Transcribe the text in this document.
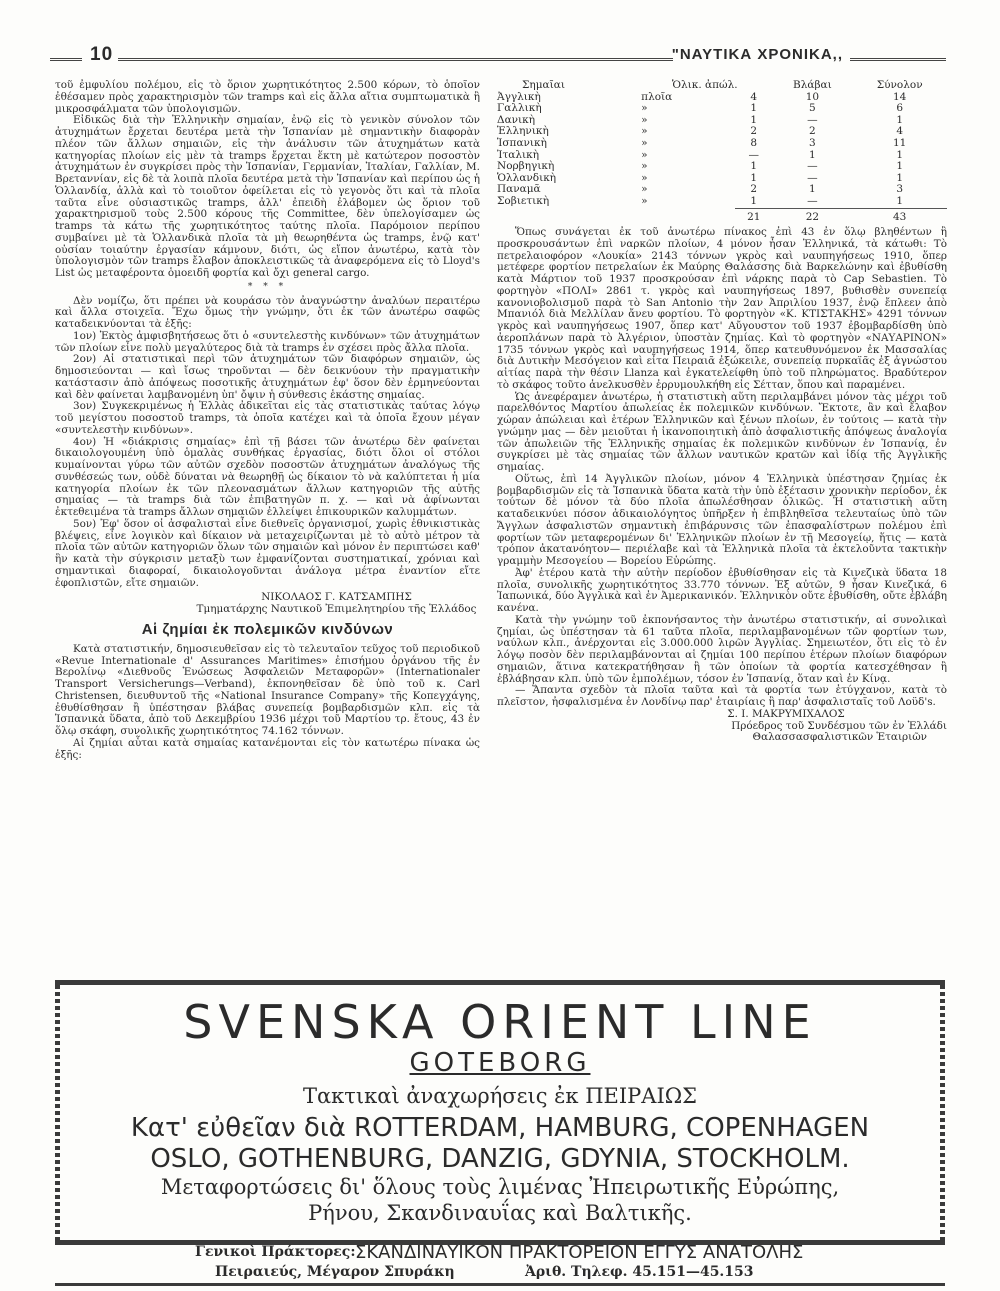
10	"ΝΑΥΤΙΚΑ ΧΡΟΝΙΚΑ,,

τοῦ ἐμφυλίου πολέμου, εἰς τὸ ὅριον χωρητικότητος 2.500 κόρων, τὸ ὁποῖον ἐθέσαμεν πρὸς χαρακτηρισμὸν τῶν tramps καὶ εἰς ἄλλα αἴτια συμπτωματικὰ ἢ μικροσφάλματα τῶν ὑπολογισμῶν.

Εἰδικῶς διὰ τὴν Ἑλληνικὴν σημαίαν, ἐνῷ εἰς τὸ γενικὸν σύνολον τῶν ἀτυχημάτων ἔρχεται δευτέρα μετὰ τὴν Ἱσπανίαν μὲ σημαντικὴν διαφορὰν πλέον τῶν ἄλλων σημαιῶν, εἰς τὴν ἀνάλυσιν τῶν ἀτυχημάτων κατὰ κατηγορίας πλοίων εἰς μὲν τὰ tramps ἔρχεται ἕκτη μὲ κατώτερον ποσοστὸν ἀτυχημάτων ἐν συγκρίσει πρὸς τὴν Ἱσπανίαν, Γερμανίαν, Ἰταλίαν, Γαλλίαν, Μ. Βρεταννίαν, εἰς δὲ τὰ λοιπὰ πλοῖα δευτέρα μετὰ τὴν Ἱσπανίαν καὶ περίπου ὡς ἡ Ὁλλανδία, ἀλλὰ καὶ τὸ τοιοῦτον ὀφείλεται εἰς τὸ γεγονὸς ὅτι καὶ τὰ πλοῖα ταῦτα εἶνε οὐσιαστικῶς tramps, ἀλλ' ἐπειδὴ ἐλάβομεν ὡς ὅριον τοῦ χαρακτηρισμοῦ τοὺς 2.500 κόρους τῆς Committee, δὲν ὑπελογίσαμεν ὡς tramps τὰ κάτω τῆς χωρητικότητος ταύτης πλοῖα. Παρόμοιον περίπου συμβαίνει μὲ τὰ Ὁλλανδικὰ πλοῖα τὰ μὴ θεωρηθέντα ὡς tramps, ἐνῷ κατ' οὐσίαν τοιαύτην ἐργασίαν κάμνουν, διότι, ὡς εἴπον ἀνωτέρω, κατὰ τὸν ὑπολογισμὸν τῶν tramps ἔλαβον ἀποκλειστικῶς τὰ ἀναφερόμενα εἰς τὸ Lloyd's List ὡς μεταφέροντα ὁμοειδῆ φορτία καὶ ὄχι general cargo.

* * *

Δὲν νομίζω, ὅτι πρέπει νὰ κουράσω τὸν ἀναγνώστην ἀναλύων περαιτέρω καὶ ἄλλα στοιχεῖα. Ἔχω ὅμως τὴν γνώμην, ὅτι ἐκ τῶν ἀνωτέρω σαφῶς καταδεικνύονται τὰ ἑξῆς:

1ον) Ἐκτὸς ἀμφισβητήσεως ὅτι ὁ «συντελεστὴς κινδύνων» τῶν ἀτυχημάτων τῶν πλοίων εἶνε πολὺ μεγαλύτερος διὰ τὰ tramps ἐν σχέσει πρὸς ἄλλα πλοῖα.

2ον) Αἱ στατιστικαὶ περὶ τῶν ἀτυχημάτων τῶν διαφόρων σημαιῶν, ὡς δημοσιεύονται — καὶ ἴσως τηροῦνται — δὲν δεικνύουν τὴν πραγματικὴν κατάστασιν ἀπὸ ἀπόψεως ποσοτικῆς ἀτυχημάτων ἐφ' ὅσον δὲν ἑρμηνεύονται καὶ δὲν φαίνεται λαμβανομένη ὑπ' ὄψιν ἡ σύνθεσις ἑκάστης σημαίας.

3ον) Συγκεκριμένως ἡ Ἑλλὰς ἀδικεῖται εἰς τὰς στατιστικὰς ταύτας λόγῳ τοῦ μεγίστου ποσοστοῦ tramps, τὰ ὁποῖα κατέχει καὶ τὰ ὁποῖα ἔχουν μέγαν «συντελεστὴν κινδύνων».

4ον) Ἡ «διάκρισις σημαίας» ἐπὶ τῇ βάσει τῶν ἀνωτέρω δὲν φαίνεται δικαιολογουμένη ὑπὸ ὁμαλὰς συνθήκας ἐργασίας, διότι ὅλοι οἱ στόλοι κυμαίνονται γύρω τῶν αὐτῶν σχεδὸν ποσοστῶν ἀτυχημάτων ἀναλόγως τῆς συνθέσεώς των, οὐδὲ δύναται νὰ θεωρηθῇ ὡς δίκαιον τὸ νὰ καλύπτεται ἡ μία κατηγορία πλοίων ἐκ τῶν πλεονασμάτων ἄλλων κατηγοριῶν τῆς αὐτῆς σημαίας — τὰ tramps διὰ τῶν ἐπιβατηγῶν π. χ. — καὶ νὰ ἀφίνωνται ἐκτεθειμένα τὰ tramps ἄλλων σημαιῶν ἐλλείψει ἐπικουρικῶν καλυμμάτων.

5ον) Ἐφ' ὅσον οἱ ἀσφαλισταὶ εἶνε διεθνεῖς ὀργανισμοί, χωρὶς ἐθνικιστικὰς βλέψεις, εἶνε λογικὸν καὶ δίκαιον νὰ μεταχειρίζωνται μὲ τὸ αὐτὸ μέτρον τὰ πλοῖα τῶν αὐτῶν κατηγοριῶν ὅλων τῶν σημαιῶν καὶ μόνον ἐν περιπτώσει καθ' ἣν κατὰ τὴν σύγκρισιν μεταξὺ των ἐμφανίζονται συστηματικαί, χρόνιαι καὶ σημαντικαὶ διαφοραί, δικαιολογοῦνται ἀνάλογα μέτρα ἐναντίον εἴτε ἐφοπλιστῶν, εἴτε σημαιῶν.

ΝΙΚΟΛΑΟΣ Γ. ΚΑΤΣΑΜΠΗΣ

Τμηματάρχης Ναυτικοῦ Ἐπιμελητηρίου τῆς Ἑλλάδος

Αἱ ζημίαι ἐκ πολεμικῶν κινδύνων

Κατὰ στατιστικήν, δημοσιευθεῖσαν εἰς τὸ τελευταῖον τεῦχος τοῦ περιοδικοῦ «Revue Internationale d' Assurances Maritimes» ἐπισήμου ὀργάνου τῆς ἐν Βερολίνῳ «Διεθνοῦς Ἑνώσεως Ἀσφαλειῶν Μεταφορῶν» (Internationaler Transport Versicherungs—Verband), ἐκπονηθεῖσαν δὲ ὑπὸ τοῦ κ. Carl Christensen, διευθυντοῦ τῆς «National Insurance Company» τῆς Κοπεγχάγης, ἐθυθίσθησαν ἢ ὑπέστησαν βλάβας συνεπείᾳ βομβαρδισμῶν κλπ. εἰς τὰ Ἱσπανικὰ ὕδατα, ἀπὸ τοῦ Δεκεμβρίου 1936 μέχρι τοῦ Μαρτίου τρ. ἔτους, 43 ἐν ὅλῳ σκάφη, συνολικῆς χωρητικότητος 74.162 τόννων.

Αἱ ζημίαι αὗται κατὰ σημαίας κατανέμονται εἰς τὸν κατωτέρω πίνακα ὡς ἑξῆς:

Σημαῖαι	Ὁλικ. ἀπώλ.		Βλάβαι	Σύνολον
Ἀγγλικὴ	πλοῖα	4	10	14
Γαλλικὴ	»	1	5	6
Δανικὴ	»	1	—	1
Ἑλληνικὴ	»	2	2	4
Ἱσπανικὴ	»	8	3	11
Ἰταλικὴ	»	—	1	1
Νορβηγικὴ	»	1	—	1
Ὁλλανδικὴ	»	1	—	1
Παναμᾶ	»	2	1	3
Σοβιετικὴ	»	1	—	1
		21	22	43

Ὅπως συνάγεται ἐκ τοῦ ἀνωτέρω πίνακος ἐπὶ 43 ἐν ὅλῳ βληθέντων ἢ προσκρουσάντων ἐπὶ ναρκῶν πλοίων, 4 μόνον ἦσαν Ἑλληνικά, τὰ κάτωθι: Τὸ πετρελαιοφόρον «Λουκία» 2143 τόννων γκρὸς καὶ ναυπηγήσεως 1910, ὅπερ μετέφερε φορτίον πετρελαίων ἐκ Μαύρης Θαλάσσης διὰ Βαρκελώνην καὶ ἐβυθίσθη κατὰ Μάρτιον τοῦ 1937 προσκρούσαν ἐπὶ νάρκης παρὰ τὸ Cap Sebastien. Τὸ φορτηγὸν «ΠΟΛΙ» 2861 τ. γκρὸς καὶ ναυπηγήσεως 1897, βυθισθὲν συνεπείᾳ κανονιοβολισμοῦ παρὰ τὸ San Antonio τὴν 2αν Ἀπριλίου 1937, ἐνῷ ἔπλεεν ἀπὸ Μπανιόλ διὰ Μελλίλαν ἄνευ φορτίου. Τὸ φορτηγὸν «Κ. ΚΤΙΣΤΑΚΗΣ» 4291 τόννων γκρὸς καὶ ναυπηγήσεως 1907, ὅπερ κατ' Αὔγουστον τοῦ 1937 ἐβομβαρδίσθη ὑπὸ ἀεροπλάνων παρὰ τὸ Ἀλγέριον, ὑποστὰν ζημίας. Καὶ τὸ φορτηγὸν «ΝΑΥΑΡΙΝΟΝ» 1735 τόννων γκρὸς καὶ ναυπηγήσεως 1914, ὅπερ κατευθυνόμενον ἐκ Μασσαλίας διὰ Δυτικὴν Μεσόγειον καὶ εἶτα Πειραιᾶ ἐξώκειλε, συνεπείᾳ πυρκαϊᾶς ἐξ ἀγνώστου αἰτίας παρὰ τὴν θέσιν Llanza καὶ ἐγκατελείφθη ὑπὸ τοῦ πληρώματος. Βραδύτερον τὸ σκάφος τοῦτο ἀνελκυσθὲν ἐρρυμουλκήθη εἰς Σέτταν, ὅπου καὶ παραμένει.

Ὡς ἀνεφέραμεν ἀνωτέρω, ἡ στατιστικὴ αὕτη περιλαμβάνει μόνον τὰς μέχρι τοῦ παρελθόντος Μαρτίου ἀπωλείας ἐκ πολεμικῶν κινδύνων. Ἔκτοτε, ἂν καὶ ἔλαβον χώραν ἀπώλειαι καὶ ἑτέρων Ἑλληνικῶν καὶ ξένων πλοίων, ἐν τούτοις — κατὰ τὴν γνώμην μας — δὲν μειοῦται ἡ ἱκανοποιητικὴ ἀπὸ ἀσφαλιστικῆς ἀπόψεως ἀναλογία τῶν ἀπωλειῶν τῆς Ἑλληνικῆς σημαίας ἐκ πολεμικῶν κινδύνων ἐν Ἱσπανίᾳ, ἐν συγκρίσει μὲ τὰς σημαίας τῶν ἄλλων ναυτικῶν κρατῶν καὶ ἰδίᾳ τῆς Ἀγγλικῆς σημαίας.

Οὕτως, ἐπὶ 14 Ἀγγλικῶν πλοίων, μόνον 4 Ἑλληνικὰ ὑπέστησαν ζημίας ἐκ βομβαρδισμῶν εἰς τὰ Ἱσπανικὰ ὕδατα κατὰ τὴν ὑπὸ ἐξέτασιν χρονικὴν περίοδον, ἐκ τούτων δὲ μόνον τὰ δύο πλοῖα ἀπωλέσθησαν ὁλικῶς. Ἡ στατιστικὴ αὕτη καταδεικνύει πόσον ἀδικαιολόγητος ὑπῆρξεν ἡ ἐπιβληθεῖσα τελευταίως ὑπὸ τῶν Ἄγγλων ἀσφαλιστῶν σημαντικὴ ἐπιβάρυνσις τῶν ἐπασφαλίστρων πολέμου ἐπὶ φορτίων τῶν μεταφερομένων δι' Ἑλληνικῶν πλοίων ἐν τῇ Μεσογείῳ, ἥτις — κατὰ τρόπον ἀκατανόητον— περιέλαβε καὶ τὰ Ἑλληνικὰ πλοῖα τὰ ἐκτελοῦντα τακτικὴν γραμμὴν Μεσογείου — Βορείου Εὐρώπης.

Ἀφ' ἑτέρου κατὰ τὴν αὐτὴν περίοδον ἐβυθίσθησαν εἰς τὰ Κινεζικὰ ὕδατα 18 πλοῖα, συνολικῆς χωρητικότητος 33.770 τόννων. Ἐξ αὐτῶν, 9 ἦσαν Κινεζικά, 6 Ἰαπωνικά, δύο Ἀγγλικὰ καὶ ἐν Ἀμερικανικόν. Ἑλληνικὸν οὔτε ἐβυθίσθη, οὔτε ἐβλάβη κανένα.

Κατὰ τὴν γνώμην τοῦ ἐκπονήσαντος τὴν ἀνωτέρω στατιστικήν, αἱ συνολικαὶ ζημίαι, ὡς ὑπέστησαν τὰ 61 ταῦτα πλοῖα, περιλαμβανομένων τῶν φορτίων των, ναύλων κλπ., ἀνέρχονται εἰς 3.000.000 λιρῶν Ἀγγλίας. Σημειωτέον, ὅτι εἰς τὸ ἐν λόγῳ ποσὸν δὲν περιλαμβάνονται αἱ ζημίαι 100 περίπου ἑτέρων πλοίων διαφόρων σημαιῶν, ἅτινα κατεκρατήθησαν ἢ τῶν ὁποίων τὰ φορτία κατεσχέθησαν ἢ ἐβλάβησαν κλπ. ὑπὸ τῶν ἐμπολέμων, τόσον ἐν Ἱσπανίᾳ, ὅταν καὶ ἐν Κίνᾳ.

— Ἅπαντα σχεδὸν τὰ πλοῖα ταῦτα καὶ τὰ φορτία των ἐτύγχανον, κατὰ τὸ πλεῖστον, ἠσφαλισμένα ἐν Λονδίνῳ παρ' ἑταιρίαις ἢ παρ' ἀσφαλισταῖς τοῦ Λοϋδ's.

Σ. Ι. ΜΑΚΡΥΜΙΧΑΛΟΣ

Πρόεδρος τοῦ Συνδέσμου τῶν ἐν Ἑλλάδι

Θαλασσασφαλιστικῶν Ἑταιριῶν

SVENSKA ORIENT LINE
GOTEBORG
Τακτικαὶ ἀναχωρήσεις ἐκ ΠΕΙΡΑΙΩΣ
Κατ' εὐθεῖαν διὰ ROTTERDAM, HAMBURG, COPENHAGEN
OSLO, GOTHENBURG, DANZIG, GDYNIA, STOCKHOLM.
Μεταφορτώσεις δι' ὅλους τοὺς λιμένας Ἠπειρωτικῆς Εὐρώπης,
Ρήνου, Σκανδιναυΐας καὶ Βαλτικῆς.
Γενικοὶ Πράκτορες: ΣΚΑΝΔΙΝΑΥΙΚΟΝ ΠΡΑΚΤΟΡΕΙΟΝ ΕΓΓΥΣ ΑΝΑΤΟΛΗΣ
Πειραιεύς, Μέγαρον Σπυράκη	Ἀριθ. Τηλεφ. 45.151—45.153
